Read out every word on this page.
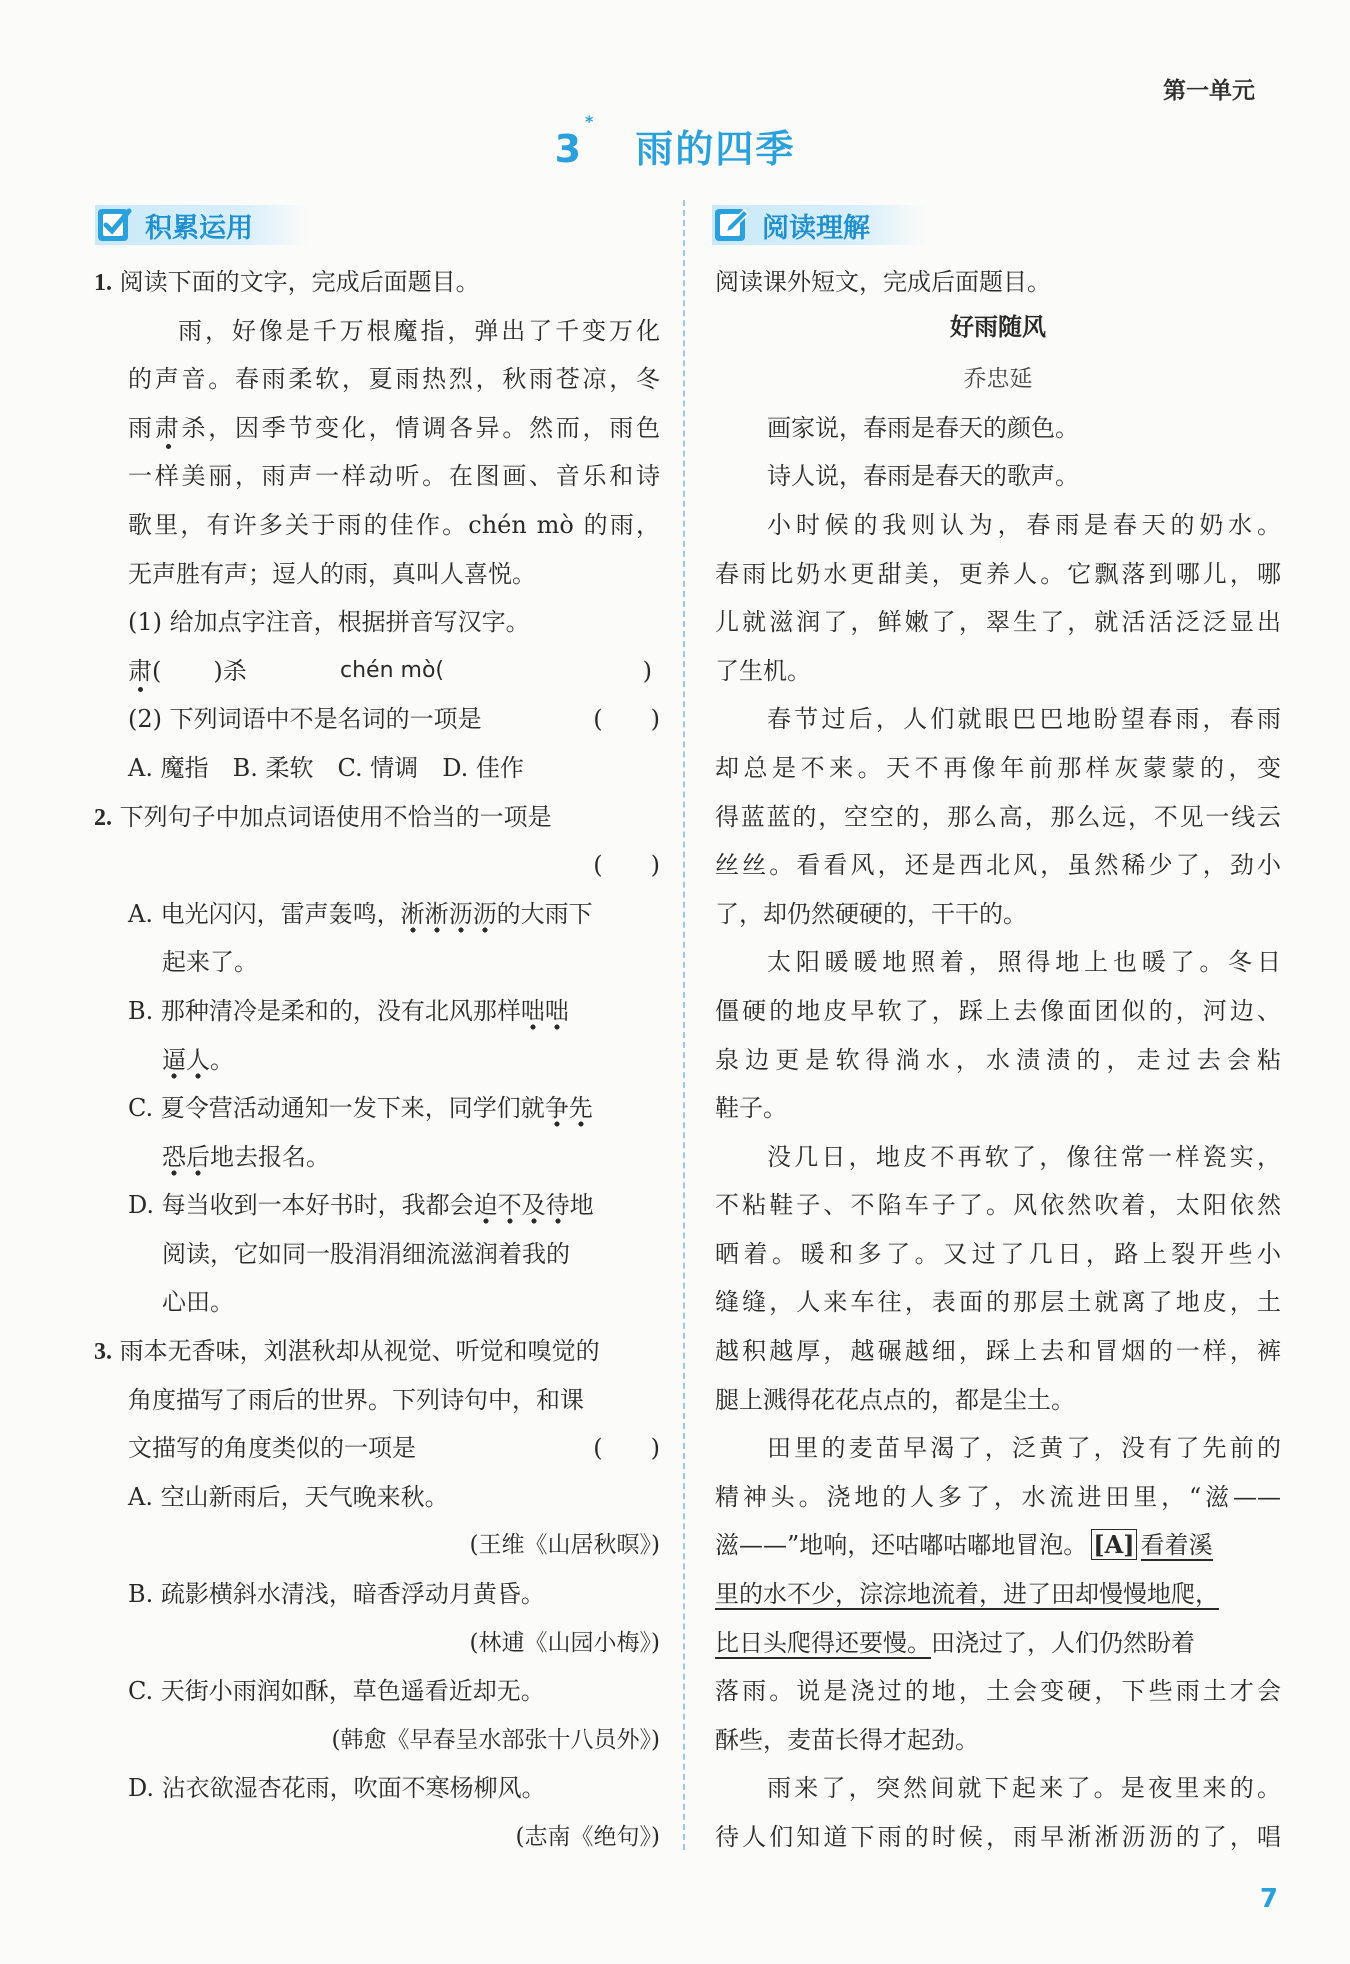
第一单元
3*雨的四季
积累运用	阅读理解
1. 阅读下面的文字，完成后面题目。
雨，好像是千万根魔指，弹出了千变万化
的声音。春雨柔软，夏雨热烈，秋雨苍凉，冬
雨肃杀，因季节变化，情调各异。然而，雨色
一样美丽，雨声一样动听。在图画、音乐和诗
歌里，有许多关于雨的佳作。chén mò 的雨，
无声胜有声；逗人的雨，真叫人喜悦。
(1) 给加点字注音，根据拼音写汉字。
肃( )杀	chén mò(	)
(2) 下列词语中不是名词的一项是	(　　)
A. 魔指　B. 柔软　C. 情调　D. 佳作
2. 下列句子中加点词语使用不恰当的一项是
(　　)
A. 电光闪闪，雷声轰鸣，淅淅沥沥的大雨下
起来了。
B. 那种清冷是柔和的，没有北风那样咄咄
逼人。
C. 夏令营活动通知一发下来，同学们就争先
恐后地去报名。
D. 每当收到一本好书时，我都会迫不及待地
阅读，它如同一股涓涓细流滋润着我的
心田。
3. 雨本无香味，刘湛秋却从视觉、听觉和嗅觉的
角度描写了雨后的世界。下列诗句中，和课
文描写的角度类似的一项是	(　　)
A. 空山新雨后，天气晚来秋。
(王维《山居秋暝》)
B. 疏影横斜水清浅，暗香浮动月黄昏。
(林逋《山园小梅》)
C. 天街小雨润如酥，草色遥看近却无。
(韩愈《早春呈水部张十八员外》)
D. 沾衣欲湿杏花雨，吹面不寒杨柳风。
(志南《绝句》)
阅读课外短文，完成后面题目。
好雨随风
乔忠延
画家说，春雨是春天的颜色。
诗人说，春雨是春天的歌声。
小时候的我则认为，春雨是春天的奶水。
春雨比奶水更甜美，更养人。它飘落到哪儿，哪
儿就滋润了，鲜嫩了，翠生了，就活活泛泛显出
了生机。
春节过后，人们就眼巴巴地盼望春雨，春雨
却总是不来。天不再像年前那样灰蒙蒙的，变
得蓝蓝的，空空的，那么高，那么远，不见一线云
丝丝。看看风，还是西北风，虽然稀少了，劲小
了，却仍然硬硬的，干干的。
太阳暖暖地照着，照得地上也暖了。冬日
僵硬的地皮早软了，踩上去像面团似的，河边、
泉边更是软得淌水，水渍渍的，走过去会粘
鞋子。
没几日，地皮不再软了，像往常一样瓷实，
不粘鞋子、不陷车子了。风依然吹着，太阳依然
晒着。暖和多了。又过了几日，路上裂开些小
缝缝，人来车往，表面的那层土就离了地皮，土
越积越厚，越碾越细，踩上去和冒烟的一样，裤
腿上溅得花花点点的，都是尘土。
田里的麦苗早渴了，泛黄了，没有了先前的
精神头。浇地的人多了，水流进田里，“滋——
滋——”地响，还咕嘟咕嘟地冒泡。 [A] 看着溪
里的水不少，淙淙地流着，进了田却慢慢地爬，
比日头爬得还要慢。田浇过了，人们仍然盼着
落雨。说是浇过的地，土会变硬，下些雨土才会
酥些，麦苗长得才起劲。
雨来了，突然间就下起来了。是夜里来的。
待人们知道下雨的时候，雨早淅淅沥沥的了，唱
7
